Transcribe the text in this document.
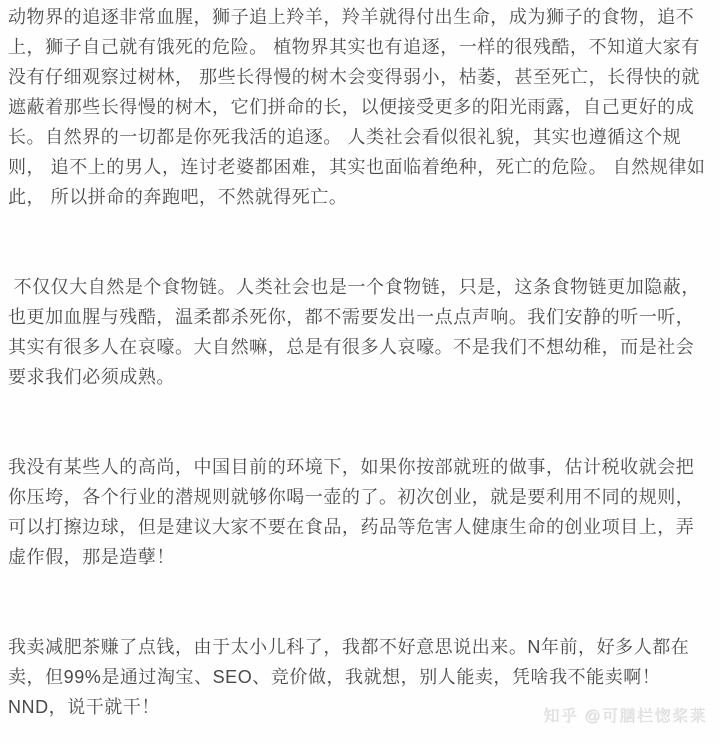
动物界的追逐非常血腥，狮子追上羚羊，羚羊就得付出生命，成为狮子的食物，追不上，狮子自己就有饿死的危险。 植物界其实也有追逐，一样的很残酷，不知道大家有没有仔细观察过树林， 那些长得慢的树木会变得弱小，枯萎，甚至死亡，长得快的就遮蔽着那些长得慢的树木，它们拼命的长，以便接受更多的阳光雨露，自己更好的成长。自然界的一切都是你死我活的追逐。 人类社会看似很礼貌，其实也遵循这个规则， 追不上的男人，连讨老婆都困难，其实也面临着绝种，死亡的危险。 自然规律如此， 所以拼命的奔跑吧，不然就得死亡。

不仅仅大自然是个食物链。人类社会也是一个食物链，只是，这条食物链更加隐蔽，也更加血腥与残酷，温柔都杀死你，都不需要发出一点点声响。我们安静的听一听，其实有很多人在哀嚎。大自然嘛，总是有很多人哀嚎。不是我们不想幼稚，而是社会要求我们必须成熟。

我没有某些人的高尚，中国目前的环境下，如果你按部就班的做事，估计税收就会把你压垮，各个行业的潜规则就够你喝一壶的了。初次创业，就是要利用不同的规则，可以打擦边球，但是建议大家不要在食品，药品等危害人健康生命的创业项目上，弄虚作假，那是造孽！

我卖减肥茶赚了点钱，由于太小儿科了，我都不好意思说出来。N年前，好多人都在卖，但99%是通过淘宝、SEO、竞价做，我就想，别人能卖，凭啥我不能卖啊！NND，说干就干！	知乎 @可膳栏惚桨莱
